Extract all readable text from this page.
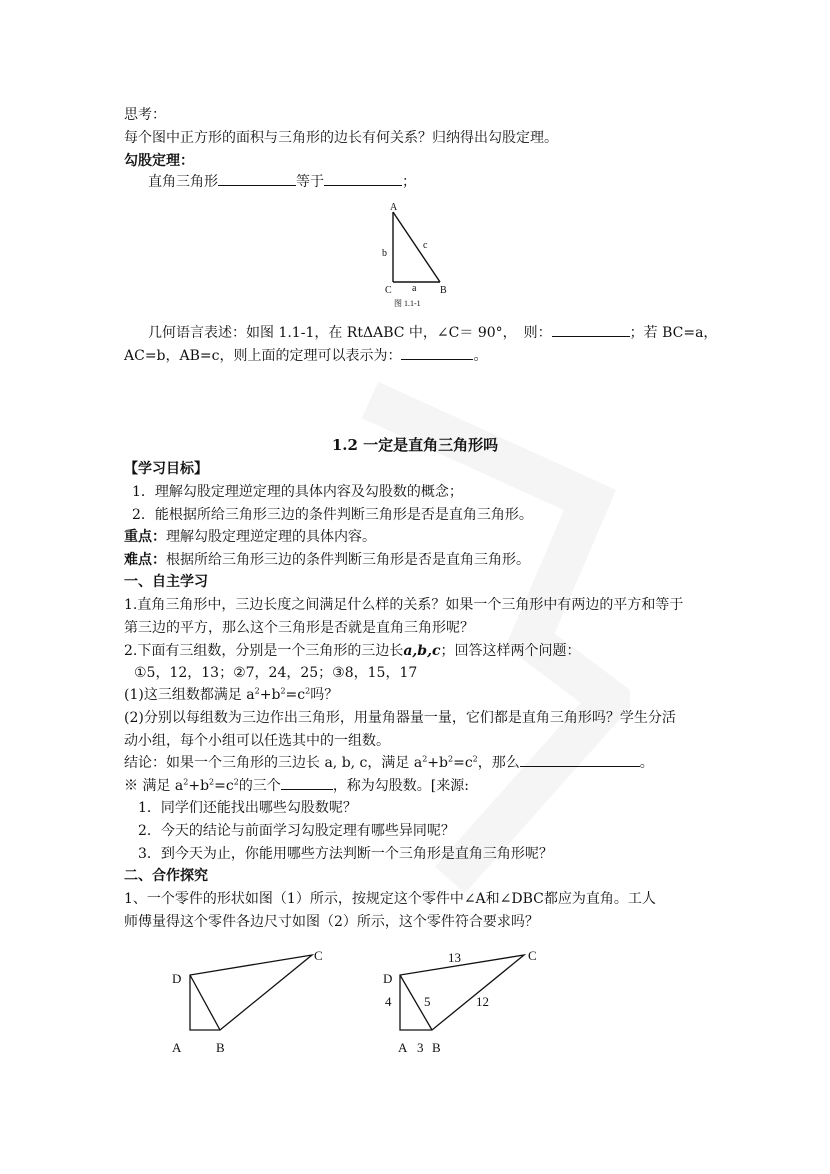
思考：
每个图中正方形的面积与三角形的边长有何关系？归纳得出勾股定理。
勾股定理：
直角三角形	等于	；
A
b
c
C a B
图 1.1-1
几何语言表述：如图 1.1-1，在 RtΔABC 中，∠C＝ 90°，　则：	；若 BC=a，
AC=b，AB=c，则上面的定理可以表示为：	。
1.2 一定是直角三角形吗
【学习目标】
1．理解勾股定理逆定理的具体内容及勾股数的概念；
2．能根据所给三角形三边的条件判断三角形是否是直角三角形。
重点：理解勾股定理逆定理的具体内容。
难点：根据所给三角形三边的条件判断三角形是否是直角三角形。
一、自主学习
1.直角三角形中，三边长度之间满足什么样的关系？如果一个三角形中有两边的平方和等于
第三边的平方，那么这个三角形是否就是直角三角形呢？
2.下面有三组数，分别是一个三角形的三边长a,b,c；回答这样两个问题：
①5，12，13；②7，24，25；③8，15，17
(1)这三组数都满足 $a^2+b^2=c^2$吗？
(2)分别以每组数为三边作出三角形，用量角器量一量，它们都是直角三角形吗？学生分活
动小组，每个小组可以任选其中的一组数。
结论：如果一个三角形的三边长 a, b, c，满足 $a^2+b^2=c^2$，那么	。
※ 满足 $a^2+b^2=c^2$的三个	，称为勾股数。[来源:
1．同学们还能找出哪些勾股数呢？
2．今天的结论与前面学习勾股定理有哪些异同呢？
3．到今天为止，你能用哪些方法判断一个三角形是直角三角形呢？
二、合作探究
1、一个零件的形状如图（1）所示，按规定这个零件中∠A和∠DBC都应为直角。工人
师傅量得这个零件各边尺寸如图（2）所示，这个零件符合要求吗？
D
C
A	B
D
C
13
4	5	12
A 3 B
